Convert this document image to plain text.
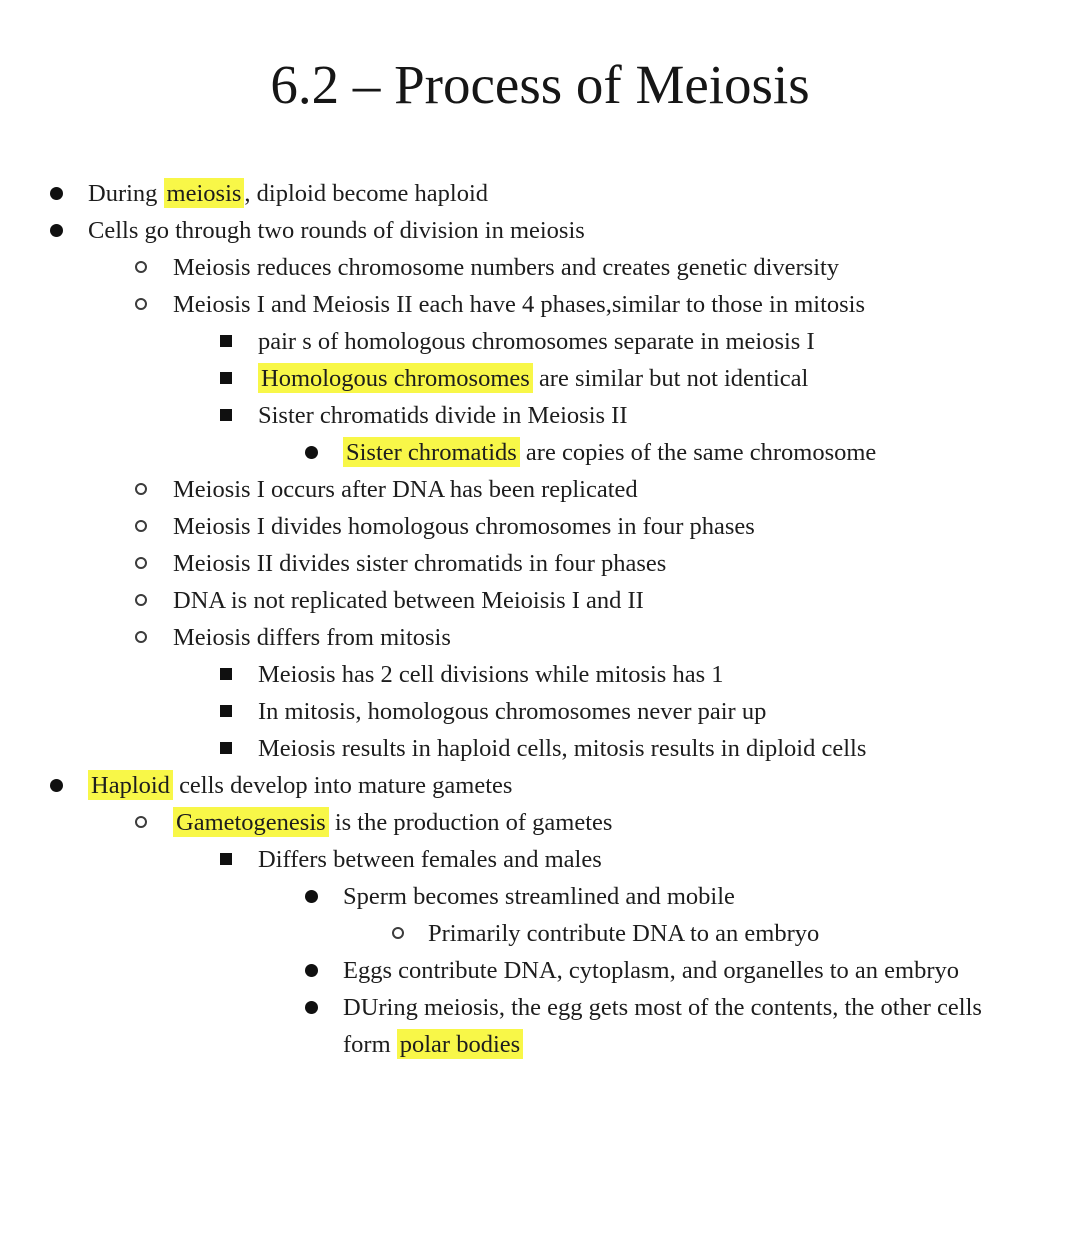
6.2 – Process of Meiosis
During meiosis , diploid become haploid
Cells go through two rounds of division in meiosis
Meiosis reduces chromosome numbers and creates genetic diversity
Meiosis I and Meiosis II each have 4 phases,similar to those in mitosis
pair s of homologous chromosomes separate in meiosis I
Homologous chromosomes are similar but not identical
Sister chromatids divide in Meiosis II
Sister chromatids are copies of the same chromosome
Meiosis I occurs after DNA has been replicated
Meiosis I divides homologous chromosomes in four phases
Meiosis II divides sister chromatids in four phases
DNA is not replicated between Meioisis I and II
Meiosis differs from mitosis
Meiosis has 2 cell divisions while mitosis has 1
In mitosis, homologous chromosomes never pair up
Meiosis results in haploid cells, mitosis results in diploid cells
Haploid cells develop into mature gametes
Gametogenesis is the production of gametes
Differs between females and males
Sperm becomes streamlined and mobile
Primarily contribute DNA to an embryo
Eggs contribute DNA, cytoplasm, and organelles to an embryo
DUring meiosis, the egg gets most of the contents, the other cells
form polar bodies
